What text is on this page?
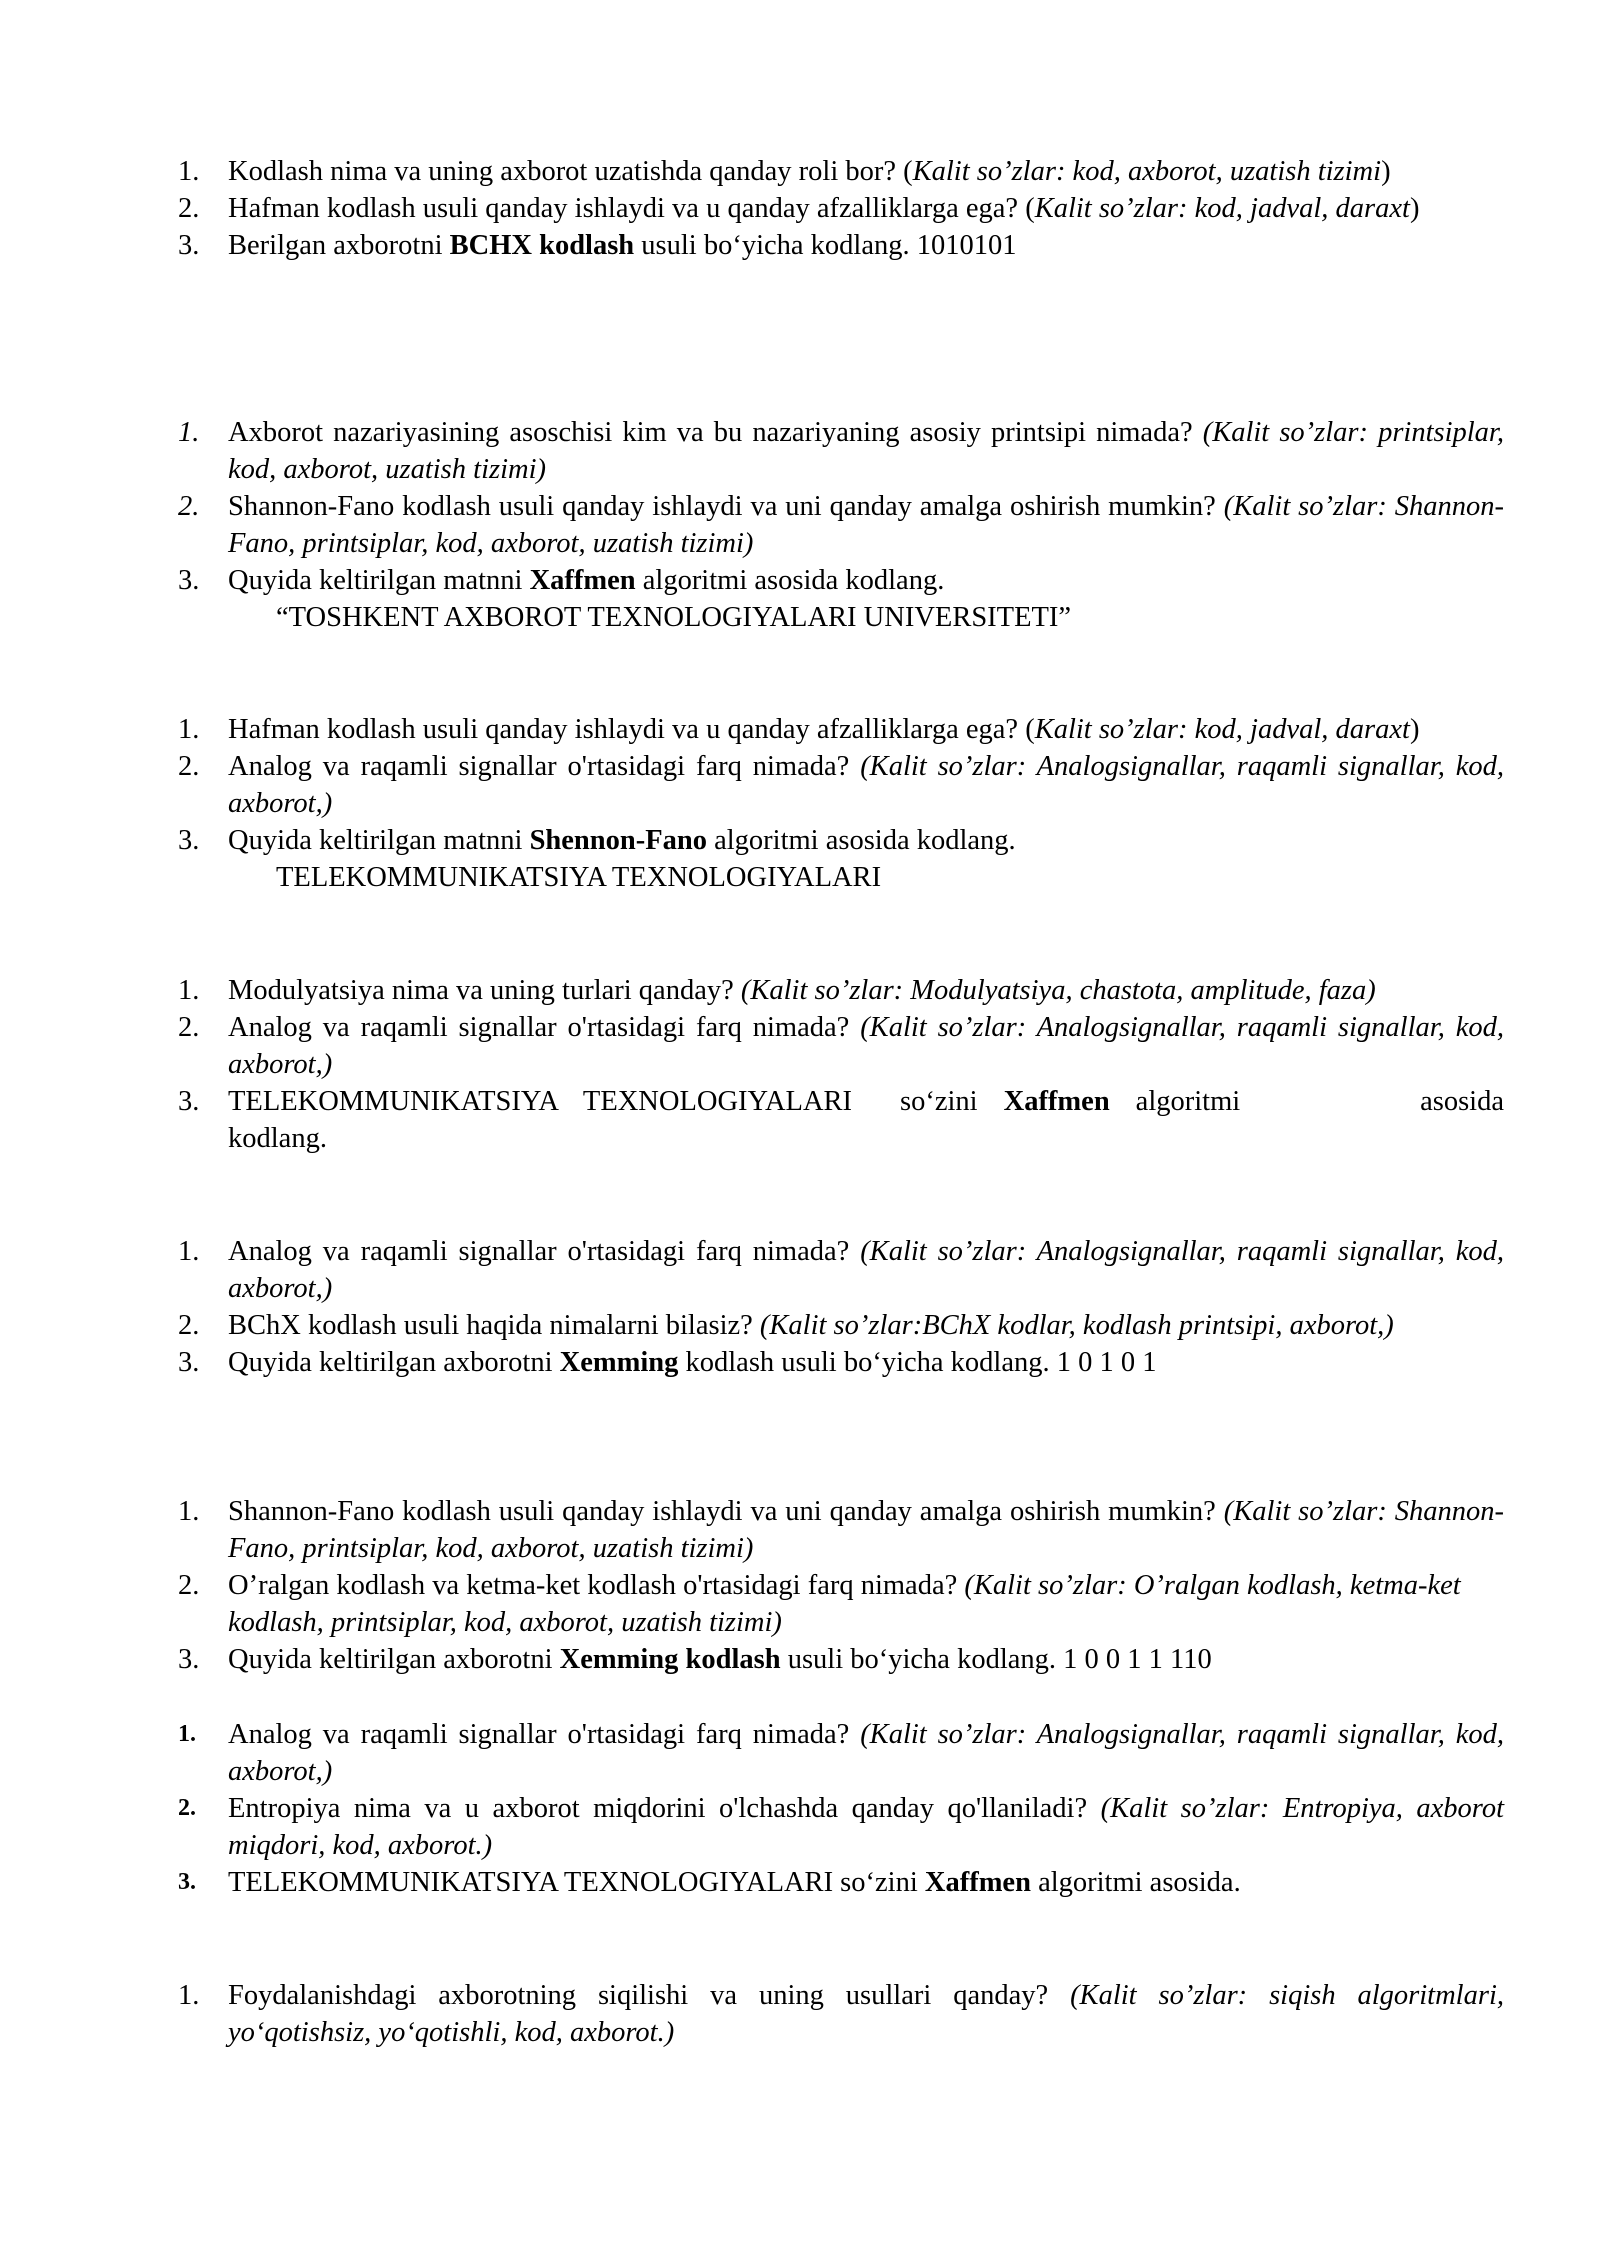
1.	Kodlash nima va uning axborot uzatishda qanday roli bor? (Kalit so’zlar: kod, axborot, uzatish tizimi)

2.	Hafman kodlash usuli qanday ishlaydi va u qanday afzalliklarga ega? (Kalit so’zlar: kod, jadval, daraxt)

3.	Berilgan axborotni BCHX kodlash usuli bo‘yicha kodlang. 1010101

1.	Axborot nazariyasining asoschisi kim va bu nazariyaning asosiy printsipi nimada? (Kalit so’zlar: printsiplar, kod, axborot, uzatish tizimi)

2.	Shannon-Fano kodlash usuli qanday ishlaydi va uni qanday amalga oshirish mumkin? (Kalit so’zlar: Shannon-Fano, printsiplar, kod, axborot, uzatish tizimi)

3.	Quyida keltirilgan matnni Xaffmen algoritmi asosida kodlang.

“TOSHKENT AXBOROT TEXNOLOGIYALARI UNIVERSITETI”

1.	Hafman kodlash usuli qanday ishlaydi va u qanday afzalliklarga ega? (Kalit so’zlar: kod, jadval, daraxt)

2.	Analog va raqamli signallar o'rtasidagi farq nimada? (Kalit so’zlar: Analogsignallar, raqamli signallar, kod, axborot,)

3.	Quyida keltirilgan matnni Shennon-Fano algoritmi asosida kodlang.

TELEKOMMUNIKATSIYA TEXNOLOGIYALARI

1.	Modulyatsiya nima va uning turlari qanday? (Kalit so’zlar: Modulyatsiya, chastota, amplitude, faza)

2.	Analog va raqamli signallar o'rtasidagi farq nimada? (Kalit so’zlar: Analogsignallar, raqamli signallar, kod, axborot,)

3.	TELEKOMMUNIKATSIYA TEXNOLOGIYALARI so‘zini Xaffmen algoritmi	asosida
kodlang.

1.	Analog va raqamli signallar o'rtasidagi farq nimada? (Kalit so’zlar: Analogsignallar, raqamli signallar, kod, axborot,)

2.	BChX kodlash usuli haqida nimalarni bilasiz? (Kalit so’zlar:BChX kodlar, kodlash printsipi, axborot,)

3.	Quyida keltirilgan axborotni Xemming kodlash usuli bo‘yicha kodlang. 1 0 1 0 1

1.	Shannon-Fano kodlash usuli qanday ishlaydi va uni qanday amalga oshirish mumkin? (Kalit so’zlar: Shannon-Fano, printsiplar, kod, axborot, uzatish tizimi)

2.	O’ralgan kodlash va ketma-ket kodlash o'rtasidagi farq nimada? (Kalit so’zlar: O’ralgan kodlash, ketma-ket kodlash, printsiplar, kod, axborot, uzatish tizimi)

3.	Quyida keltirilgan axborotni Xemming kodlash usuli bo‘yicha kodlang. 1 0 0 1 1 110

1.	Analog va raqamli signallar o'rtasidagi farq nimada? (Kalit so’zlar: Analogsignallar, raqamli signallar, kod, axborot,)

2.	Entropiya nima va u axborot miqdorini o'lchashda qanday qo'llaniladi? (Kalit so’zlar: Entropiya, axborot miqdori, kod, axborot.)

3.	TELEKOMMUNIKATSIYA TEXNOLOGIYALARI so‘zini Xaffmen algoritmi asosida.

1.	Foydalanishdagi axborotning siqilishi va uning usullari qanday? (Kalit so’zlar: siqish algoritmlari, yo‘qotishsiz, yo‘qotishli, kod, axborot.)
